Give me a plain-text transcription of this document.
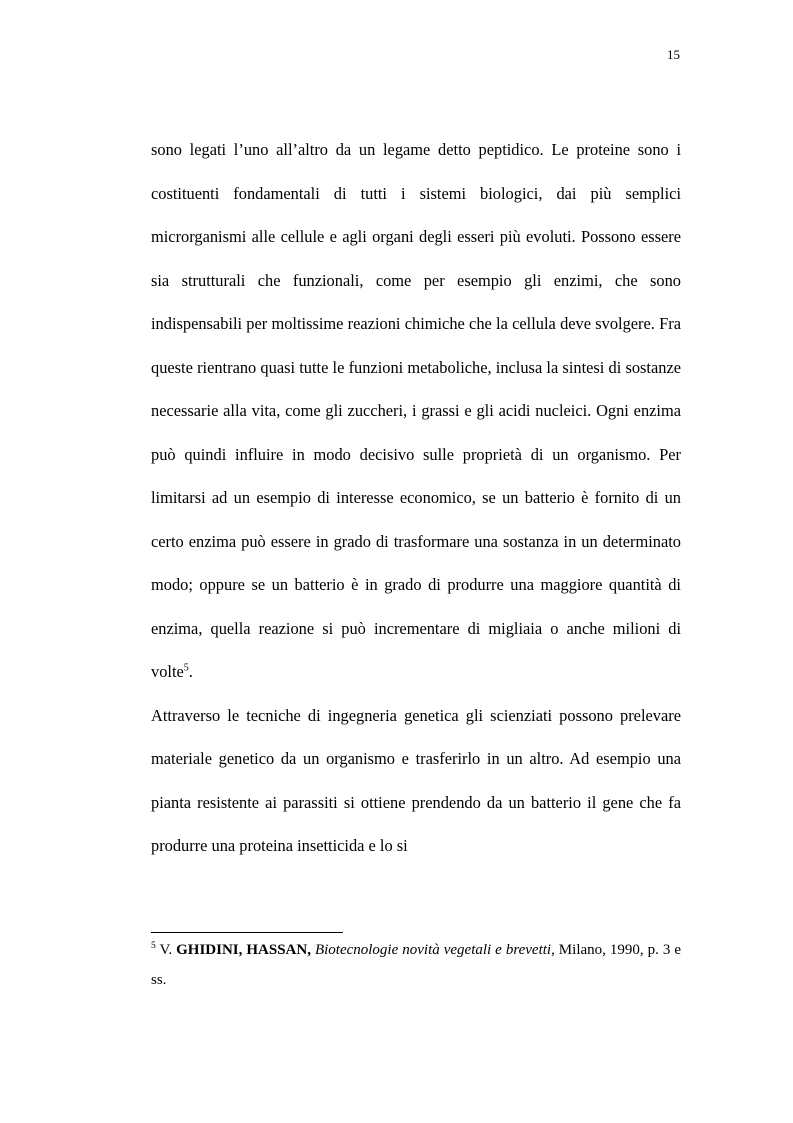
15

sono legati l’uno all’altro da un legame detto peptidico. Le proteine sono i costituenti fondamentali di tutti i sistemi biologici, dai più semplici microrganismi alle cellule e agli organi degli esseri più evoluti. Possono essere sia strutturali che funzionali, come per esempio gli enzimi, che sono indispensabili per moltissime reazioni chimiche che la cellula deve svolgere. Fra queste rientrano quasi tutte le funzioni metaboliche, inclusa la sintesi di sostanze necessarie alla vita, come gli zuccheri, i grassi e gli acidi nucleici. Ogni enzima può quindi influire in modo decisivo sulle proprietà di un organismo. Per limitarsi ad un esempio di interesse economico, se un batterio è fornito di un certo enzima può essere in grado di trasformare una sostanza in un determinato modo; oppure se un batterio è in grado di produrre una maggiore quantità di enzima, quella reazione si può incrementare di migliaia o anche milioni di volte$^5$.

Attraverso le tecniche di ingegneria genetica gli scienziati possono prelevare materiale genetico da un organismo e trasferirlo in un altro. Ad esempio una pianta resistente ai parassiti si ottiene prendendo da un batterio il gene che fa produrre una proteina insetticida e lo si

$^5$ V. GHIDINI, HASSAN, Biotecnologie novità vegetali e brevetti, Milano, 1990, p. 3 e ss.
